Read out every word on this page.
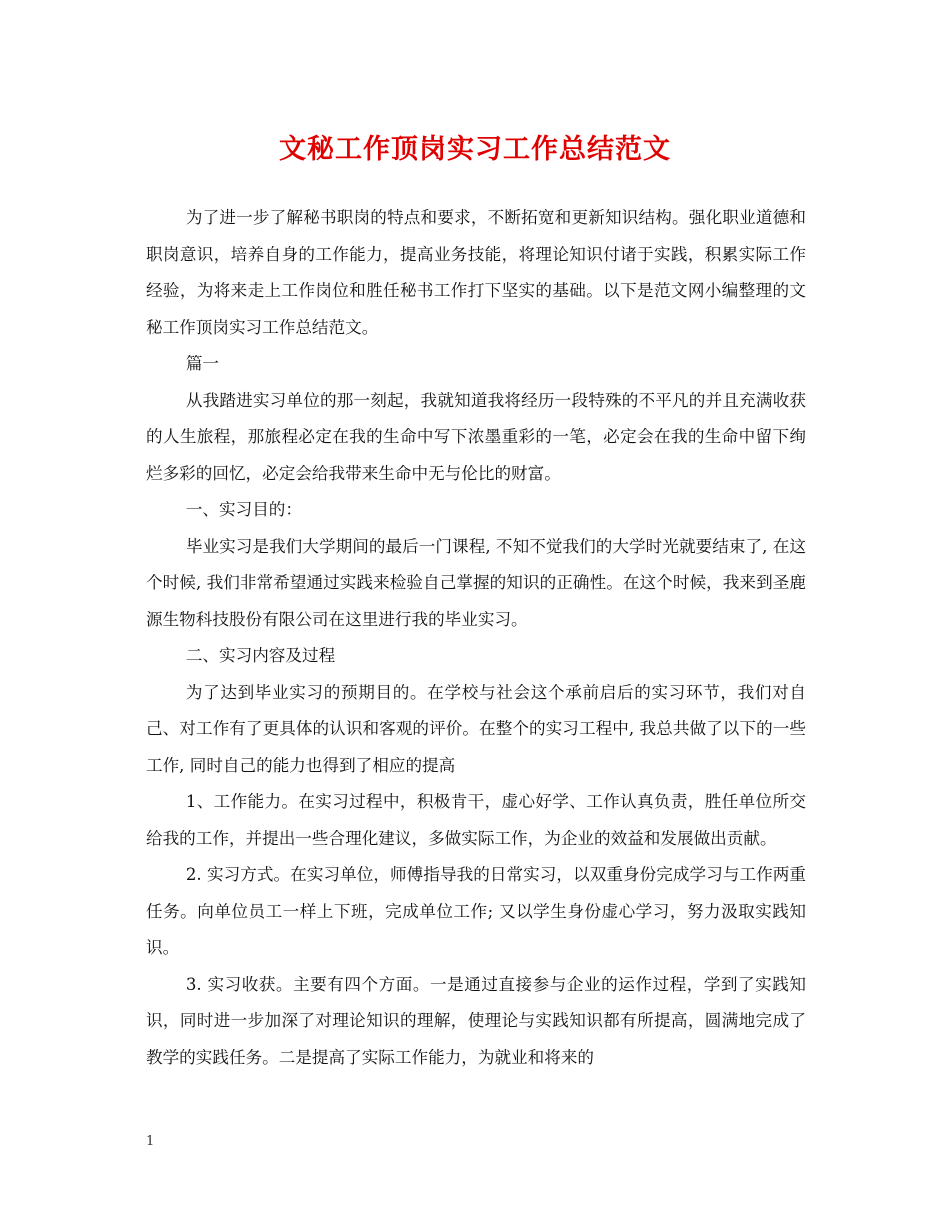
文秘工作顶岗实习工作总结范文

为了进一步了解秘书职岗的特点和要求，不断拓宽和更新知识结构。强化职业道德和职岗意识，培养自身的工作能力，提高业务技能，将理论知识付诸于实践，积累实际工作经验，为将来走上工作岗位和胜任秘书工作打下坚实的基础。以下是范文网小编整理的文秘工作顶岗实习工作总结范文。

篇一

从我踏进实习单位的那一刻起，我就知道我将经历一段特殊的不平凡的并且充满收获的人生旅程，那旅程必定在我的生命中写下浓墨重彩的一笔，必定会在我的生命中留下绚烂多彩的回忆，必定会给我带来生命中无与伦比的财富。

一、实习目的：

毕业实习是我们大学期间的最后一门课程, 不知不觉我们的大学时光就要结束了, 在这个时候, 我们非常希望通过实践来检验自己掌握的知识的正确性。在这个时候，我来到圣鹿源生物科技股份有限公司在这里进行我的毕业实习。

二、实习内容及过程

为了达到毕业实习的预期目的。在学校与社会这个承前启后的实习环节，我们对自己、对工作有了更具体的认识和客观的评价。在整个的实习工程中, 我总共做了以下的一些工作, 同时自己的能力也得到了相应的提高

1、工作能力。在实习过程中，积极肯干，虚心好学、工作认真负责，胜任单位所交给我的工作，并提出一些合理化建议，多做实际工作，为企业的效益和发展做出贡献。

2. 实习方式。在实习单位，师傅指导我的日常实习，以双重身份完成学习与工作两重任务。向单位员工一样上下班，完成单位工作; 又以学生身份虚心学习，努力汲取实践知识。

3. 实习收获。主要有四个方面。一是通过直接参与企业的运作过程，学到了实践知识，同时进一步加深了对理论知识的理解，使理论与实践知识都有所提高，圆满地完成了教学的实践任务。二是提高了实际工作能力，为就业和将来的

1
